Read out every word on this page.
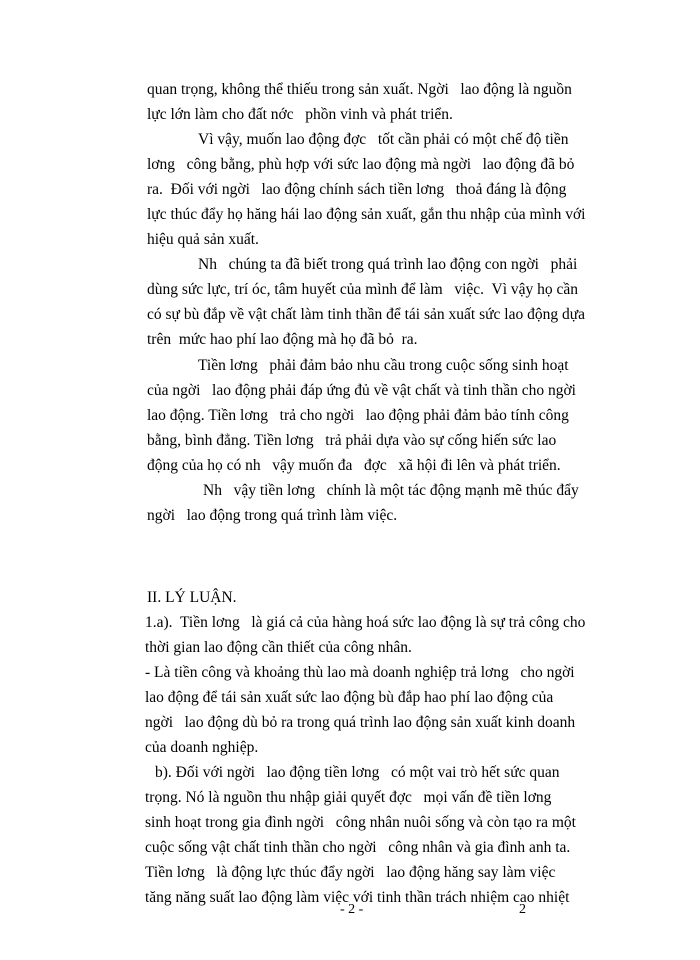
quan trọng, không thể thiếu trong sản xuất. Ngời   lao động là nguồn
lực lớn làm cho đất nớc   phồn vinh và phát triển.
Vì vậy, muốn lao động đợc   tốt cần phải có một chế độ tiền
lơng   công bằng, phù hợp với sức lao động mà ngời   lao động đã bỏ
ra.  Đối với ngời   lao động chính sách tiền lơng   thoả đáng là động
lực thúc đẩy họ hăng hái lao động sản xuất, gắn thu nhập của mình với
hiệu quả sản xuất.
Nh   chúng ta đã biết trong quá trình lao động con ngời   phải
dùng sức lực, trí óc, tâm huyết của mình để làm   việc.  Vì vậy họ cần
có sự bù đắp về vật chất làm tinh thần để tái sản xuất sức lao động dựa
trên  mức hao phí lao động mà họ đã bỏ  ra.
Tiền lơng   phải đảm bảo nhu cầu trong cuộc sống sinh hoạt
của ngời   lao động phải đáp ứng đủ về vật chất và tinh thần cho ngời
lao động. Tiền lơng   trả cho ngời   lao động phải đảm bảo tính công
bằng, bình đẳng. Tiền lơng   trả phải dựa vào sự cống hiến sức lao
động của họ có nh   vậy muốn đa   đợc   xã hội đi lên và phát triển.
Nh   vậy tiền lơng   chính là một tác động mạnh mẽ thúc đẩy
ngời   lao động trong quá trình làm việc.
II. LÝ LUẬN.
1.a).  Tiền lơng   là giá cả của hàng hoá sức lao động là sự trả công cho
thời gian lao động cần thiết của công nhân.
- Là tiền công và khoảng thù lao mà doanh nghiệp trả lơng   cho ngời
lao động để tái sản xuất sức lao động bù đắp hao phí lao động của
ngời   lao động dù bỏ ra trong quá trình lao động sản xuất kinh doanh
của doanh nghiệp.
b). Đối với ngời   lao động tiền lơng   có một vai trò hết sức quan
trọng. Nó là nguồn thu nhập giải quyết đợc   mọi vấn đề tiền lơng
sinh hoạt trong gia đình ngời   công nhân nuôi sống và còn tạo ra một
cuộc sống vật chất tinh thần cho ngời   công nhân và gia đình anh ta.
Tiền lơng   là động lực thúc đẩy ngời   lao động hăng say làm việc
tăng năng suất lao động làm việc với tinh thần trách nhiệm cao nhiệt
- 2 -	2
